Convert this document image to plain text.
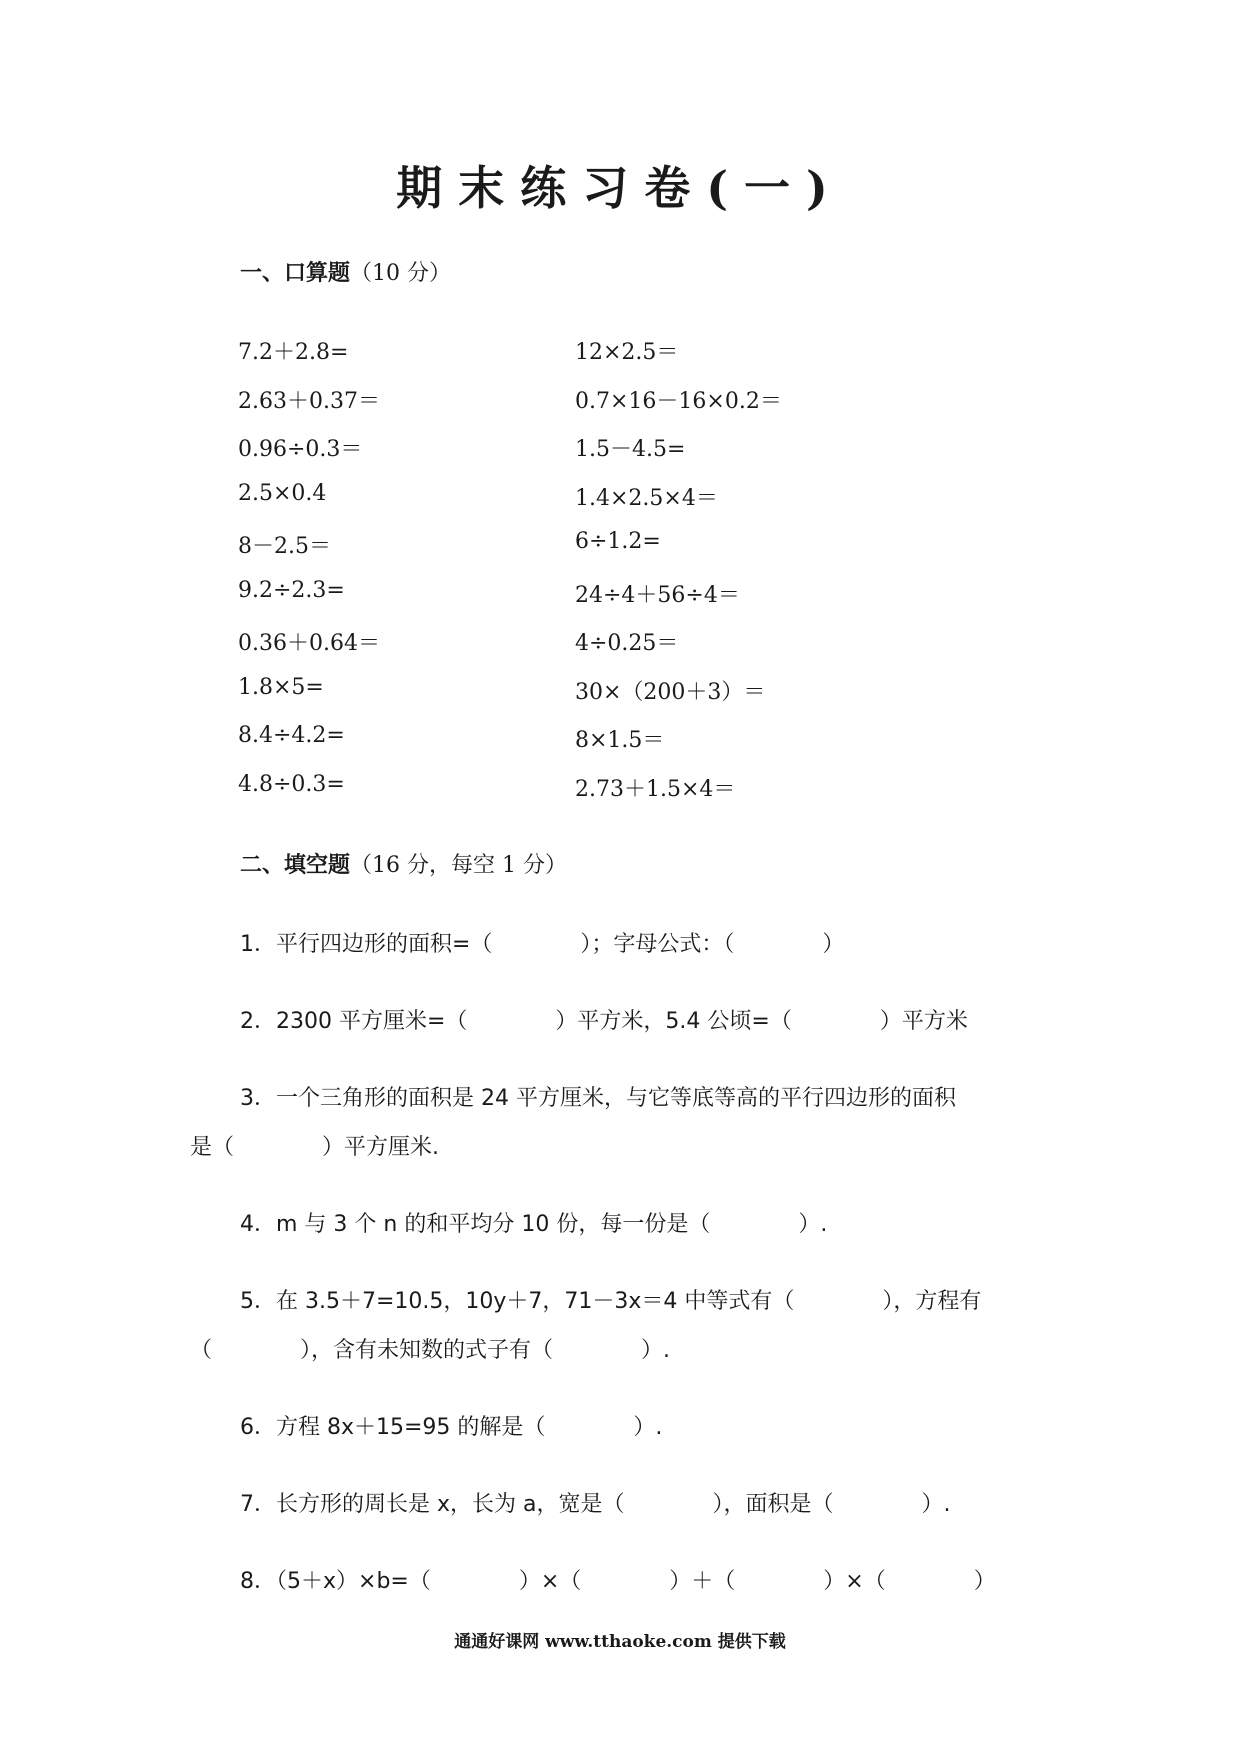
期末练习卷(一)
一、口算题（10 分）
7.2＋2.8=
2.63＋0.37＝
0.96÷0.3＝
2.5×0.4
8－2.5＝
9.2÷2.3=
0.36＋0.64＝
1.8×5=
8.4÷4.2=
4.8÷0.3=
12×2.5＝
0.7×16－16×0.2＝
1.5－4.5=
1.4×2.5×4＝
6÷1.2=
24÷4＋56÷4＝
4÷0.25＝
30×（200＋3）＝
8×1.5＝
2.73＋1.5×4＝
二、填空题（16 分，每空 1 分）
1．平行四边形的面积=（　　　　）；字母公式：（　　　　）
2．2300 平方厘米=（　　　　）平方米，5.4 公顷=（　　　　）平方米
3．一个三角形的面积是 24 平方厘米，与它等底等高的平行四边形的面积
是（　　　　）平方厘米.
4．m 与 3 个 n 的和平均分 10 份，每一份是（　　　　）.
5．在 3.5＋7=10.5，10y＋7，71－3x＝4 中等式有（　　　　），方程有
（　　　　），含有未知数的式子有（　　　　）.
6．方程 8x＋15=95 的解是（　　　　）.
7．长方形的周长是 x，长为 a，宽是（　　　　），面积是（　　　　）.
8．（5＋x）×b=（　　　　）×（　　　　）＋（　　　　）×（　　　　）
通通好课网 www.tthaoke.com 提供下载
